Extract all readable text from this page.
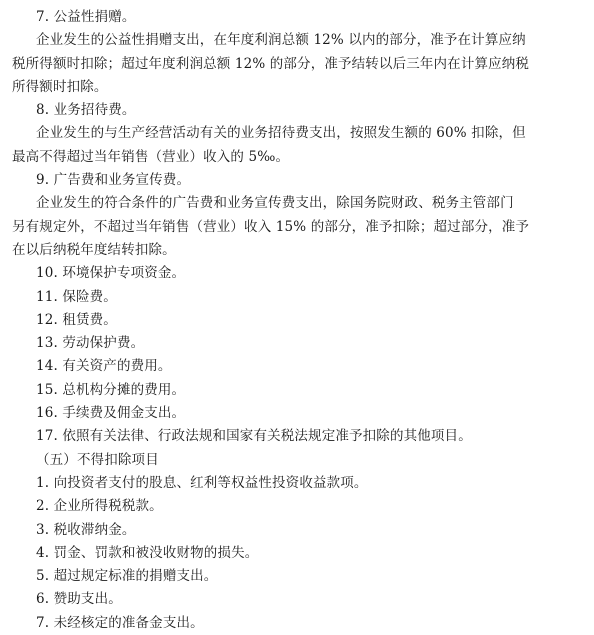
7. 公益性捐赠。
企业发生的公益性捐赠支出，在年度利润总额 12% 以内的部分，准予在计算应纳
税所得额时扣除；超过年度利润总额 12% 的部分，准予结转以后三年内在计算应纳税
所得额时扣除。
8. 业务招待费。
企业发生的与生产经营活动有关的业务招待费支出，按照发生额的 60% 扣除，但
最高不得超过当年销售（营业）收入的 5‰。
9. 广告费和业务宣传费。
企业发生的符合条件的广告费和业务宣传费支出，除国务院财政、税务主管部门
另有规定外，不超过当年销售（营业）收入 15% 的部分，准予扣除；超过部分，准予
在以后纳税年度结转扣除。
10. 环境保护专项资金。
11. 保险费。
12. 租赁费。
13. 劳动保护费。
14. 有关资产的费用。
15. 总机构分摊的费用。
16. 手续费及佣金支出。
17. 依照有关法律、行政法规和国家有关税法规定准予扣除的其他项目。
（五）不得扣除项目
1. 向投资者支付的股息、红利等权益性投资收益款项。
2. 企业所得税税款。
3. 税收滞纳金。
4. 罚金、罚款和被没收财物的损失。
5. 超过规定标准的捐赠支出。
6. 赞助支出。
7. 未经核定的准备金支出。
